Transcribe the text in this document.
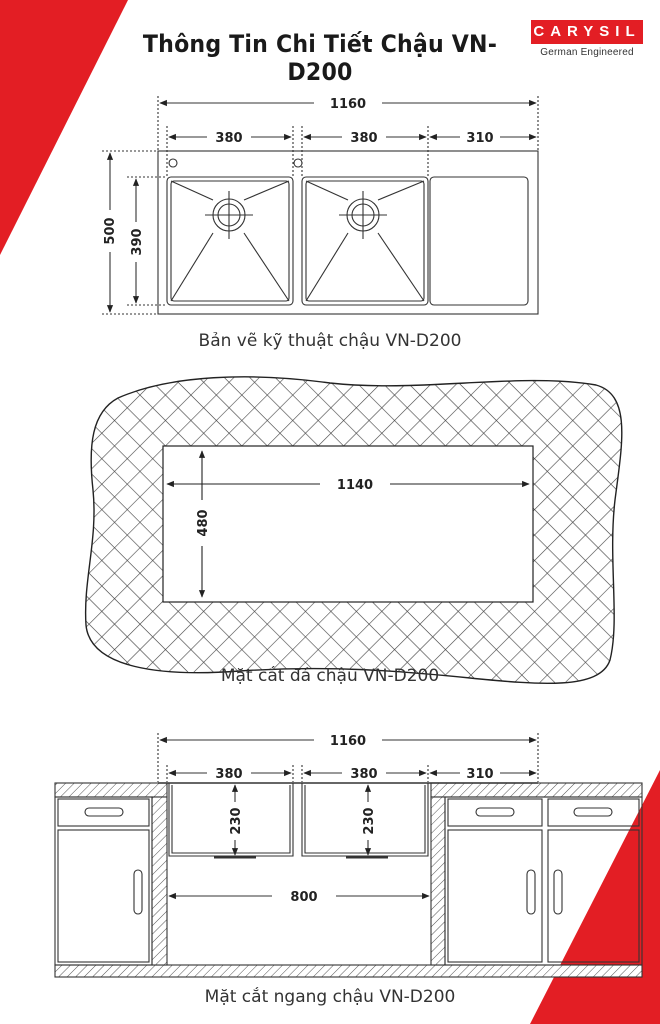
1160
380	380	310
500 390
1140
480
1160
380	380	310
230	230
800
Thông Tin Chi Tiết Chậu VN-D200
CARYSIL
German Engineered
Bản vẽ kỹ thuật chậu VN-D200
Mặt cắt đá chậu VN-D200
Mặt cắt ngang chậu VN-D200
